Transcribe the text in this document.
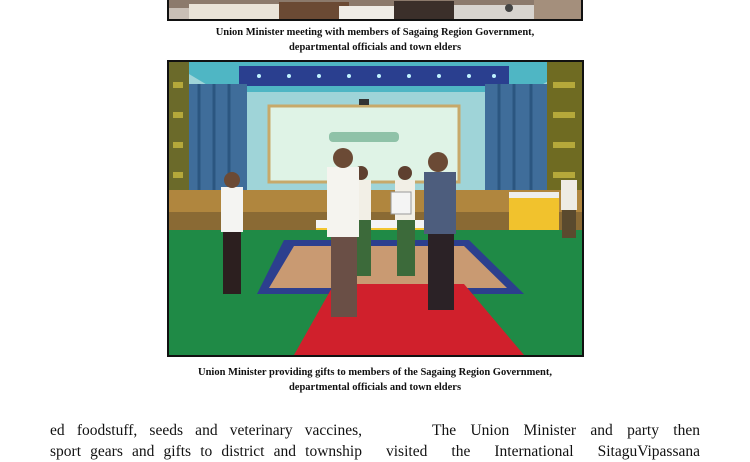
Union Minister meeting with members of Sagaing Region Government,
departmental officials and town elders
Union Minister providing gifts to members of the Sagaing Region Government,
departmental officials and town elders
ed foodstuff, seeds and veterinary vaccines,
sport gears and gifts to district and township
The Union Minister and party then
visited the International SitaguVipassana
